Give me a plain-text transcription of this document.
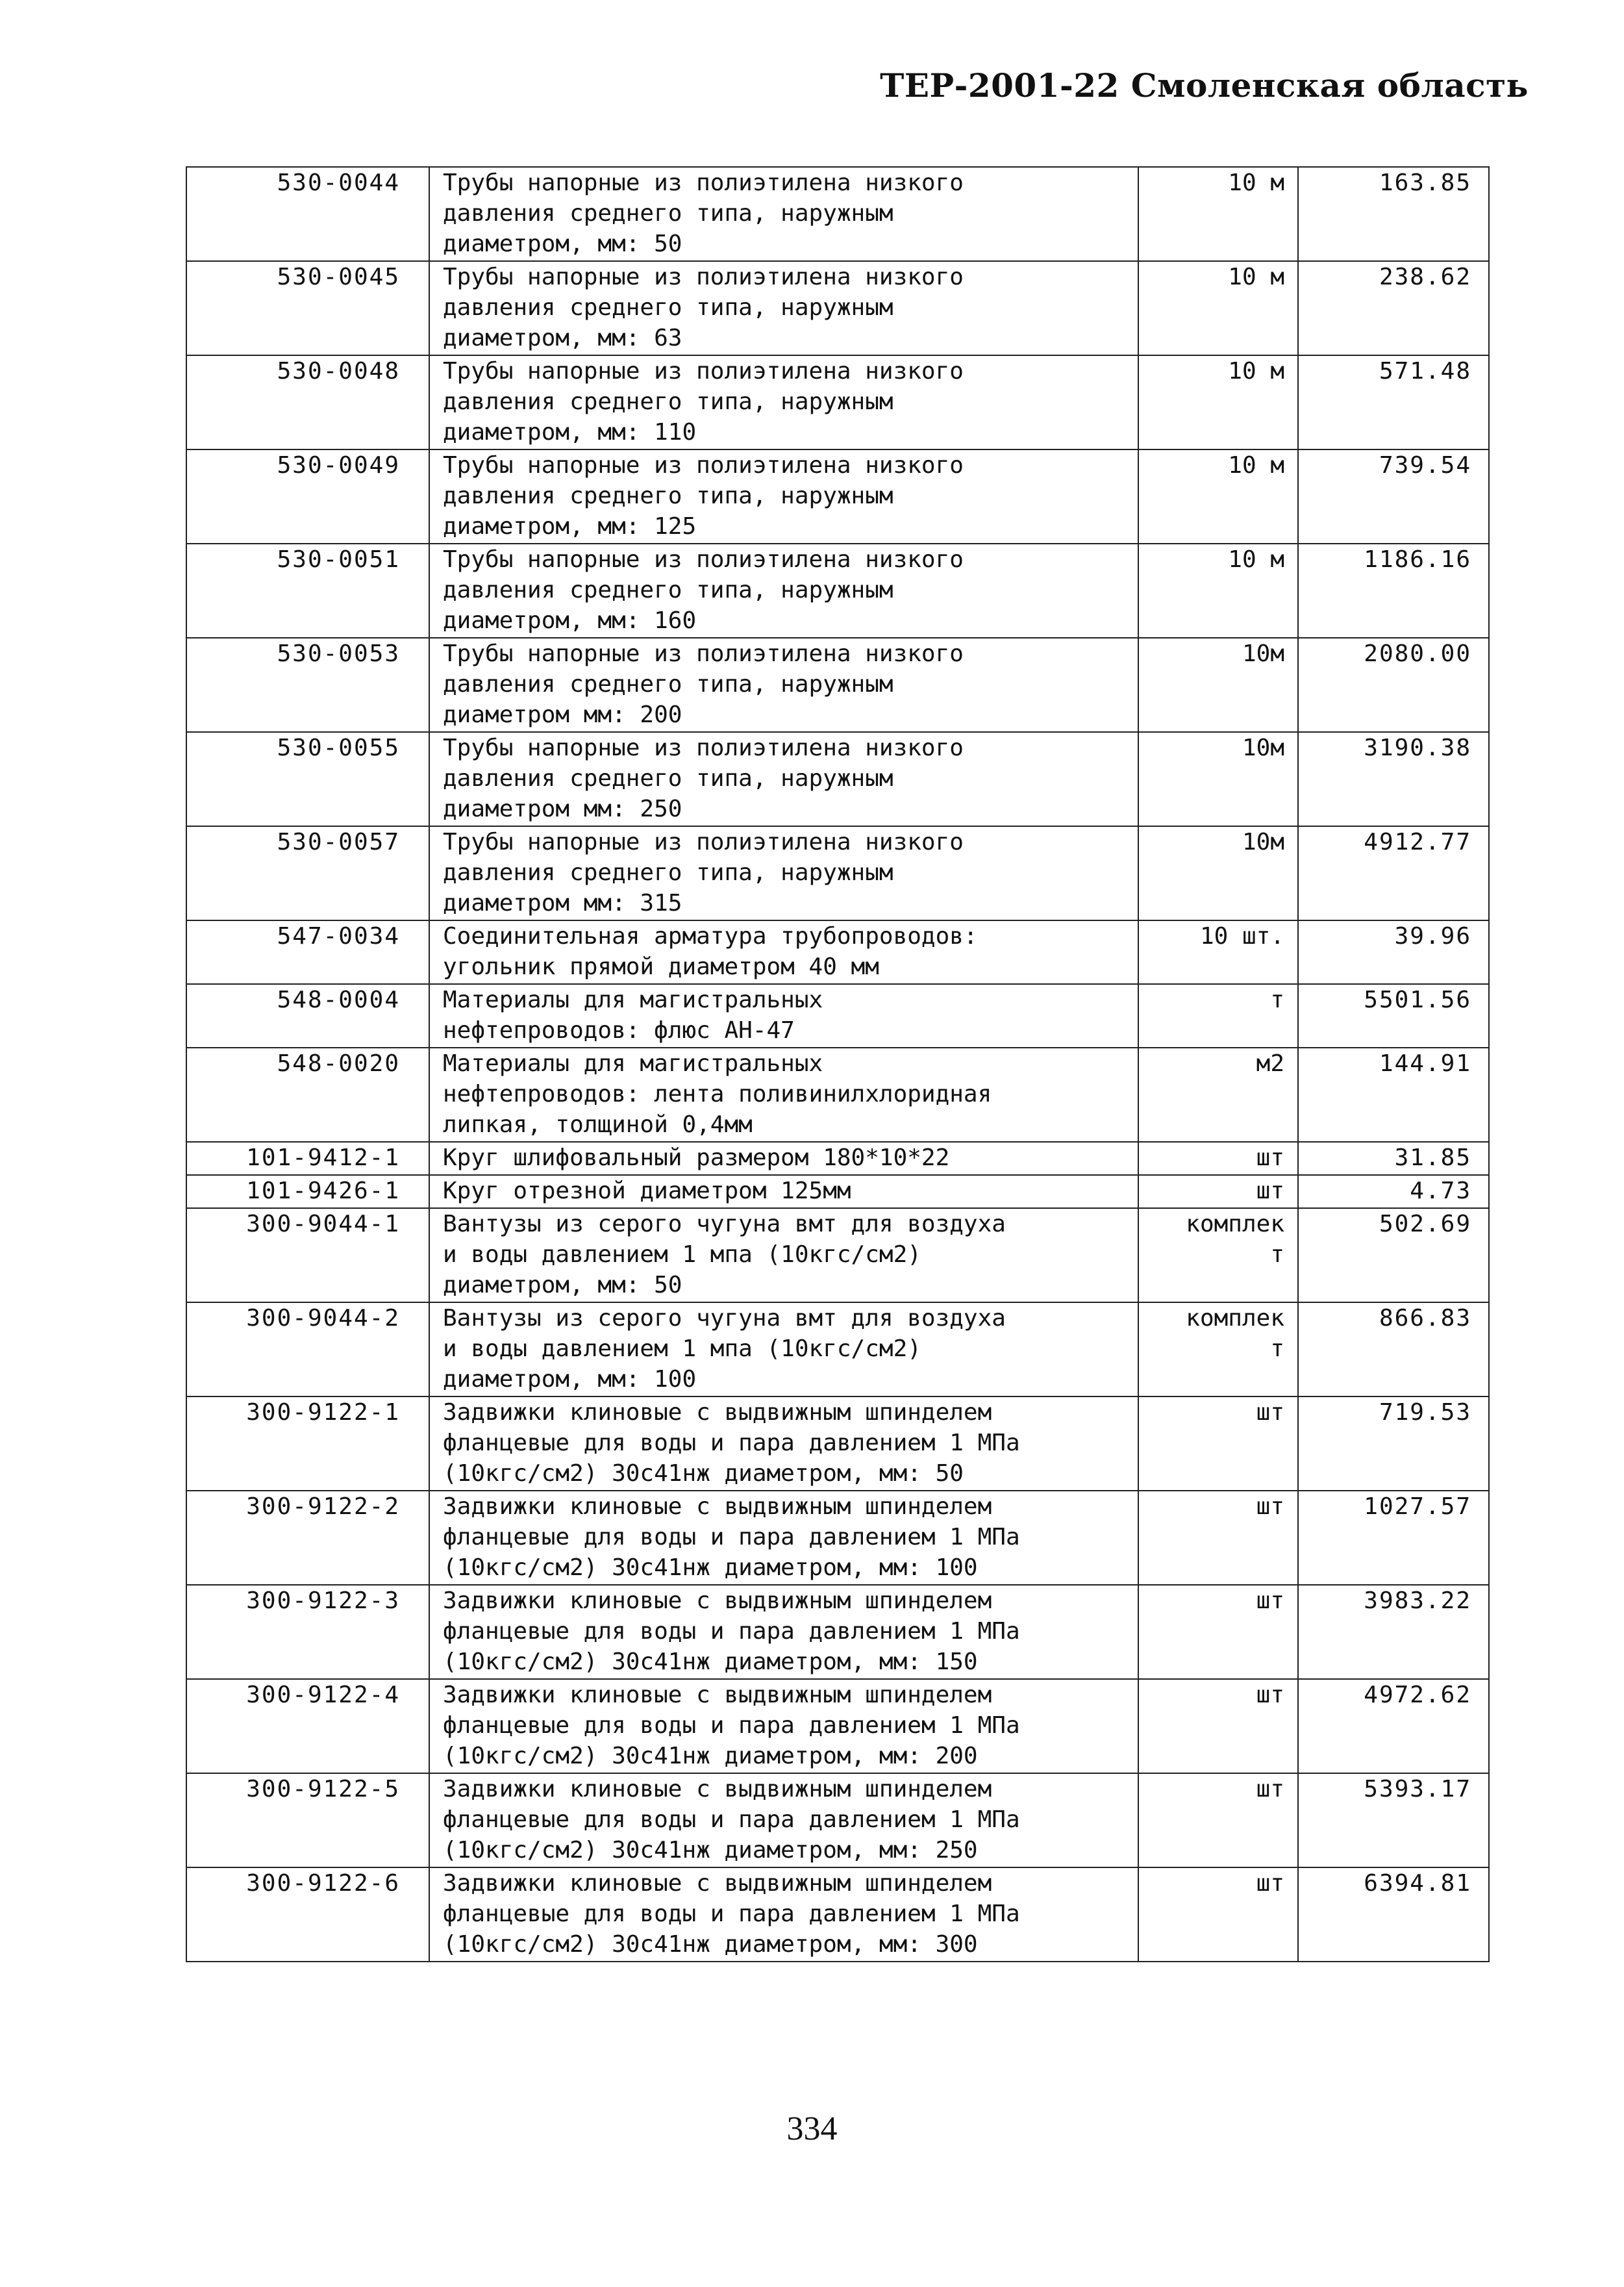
ТЕР-2001-22 Смоленская область
530-0044	Трубы напорные из полиэтилена низкого
давления среднего типа, наружным
диаметром, мм: 50	10 м	163.85
530-0045	Трубы напорные из полиэтилена низкого
давления среднего типа, наружным
диаметром, мм: 63	10 м	238.62
530-0048	Трубы напорные из полиэтилена низкого
давления среднего типа, наружным
диаметром, мм: 110	10 м	571.48
530-0049	Трубы напорные из полиэтилена низкого
давления среднего типа, наружным
диаметром, мм: 125	10 м	739.54
530-0051	Трубы напорные из полиэтилена низкого
давления среднего типа, наружным
диаметром, мм: 160	10 м	1186.16
530-0053	Трубы напорные из полиэтилена низкого
давления среднего типа, наружным
диаметром мм: 200	10м	2080.00
530-0055	Трубы напорные из полиэтилена низкого
давления среднего типа, наружным
диаметром мм: 250	10м	3190.38
530-0057	Трубы напорные из полиэтилена низкого
давления среднего типа, наружным
диаметром мм: 315	10м	4912.77
547-0034	Соединительная арматура трубопроводов:
угольник прямой диаметром 40 мм	10 шт.	39.96
548-0004	Материалы для магистральных
нефтепроводов: флюс АН-47	т	5501.56
548-0020	Материалы для магистральных
нефтепроводов: лента поливинилхлоридная
липкая, толщиной 0,4мм	м2	144.91
101-9412-1	Круг шлифовальный размером 180*10*22	шт	31.85
101-9426-1	Круг отрезной диаметром 125мм	шт	4.73
300-9044-1	Вантузы из серого чугуна вмт для воздуха
и воды давлением 1 мпа (10кгс/см2)
диаметром, мм: 50	комплек
т	502.69
300-9044-2	Вантузы из серого чугуна вмт для воздуха
и воды давлением 1 мпа (10кгс/см2)
диаметром, мм: 100	комплек
т	866.83
300-9122-1	Задвижки клиновые с выдвижным шпинделем
фланцевые для воды и пара давлением 1 МПа
(10кгс/см2) 30с41нж диаметром, мм: 50	шт	719.53
300-9122-2	Задвижки клиновые с выдвижным шпинделем
фланцевые для воды и пара давлением 1 МПа
(10кгс/см2) 30с41нж диаметром, мм: 100	шт	1027.57
300-9122-3	Задвижки клиновые с выдвижным шпинделем
фланцевые для воды и пара давлением 1 МПа
(10кгс/см2) 30с41нж диаметром, мм: 150	шт	3983.22
300-9122-4	Задвижки клиновые с выдвижным шпинделем
фланцевые для воды и пара давлением 1 МПа
(10кгс/см2) 30с41нж диаметром, мм: 200	шт	4972.62
300-9122-5	Задвижки клиновые с выдвижным шпинделем
фланцевые для воды и пара давлением 1 МПа
(10кгс/см2) 30с41нж диаметром, мм: 250	шт	5393.17
300-9122-6	Задвижки клиновые с выдвижным шпинделем
фланцевые для воды и пара давлением 1 МПа
(10кгс/см2) 30с41нж диаметром, мм: 300	шт	6394.81
334
